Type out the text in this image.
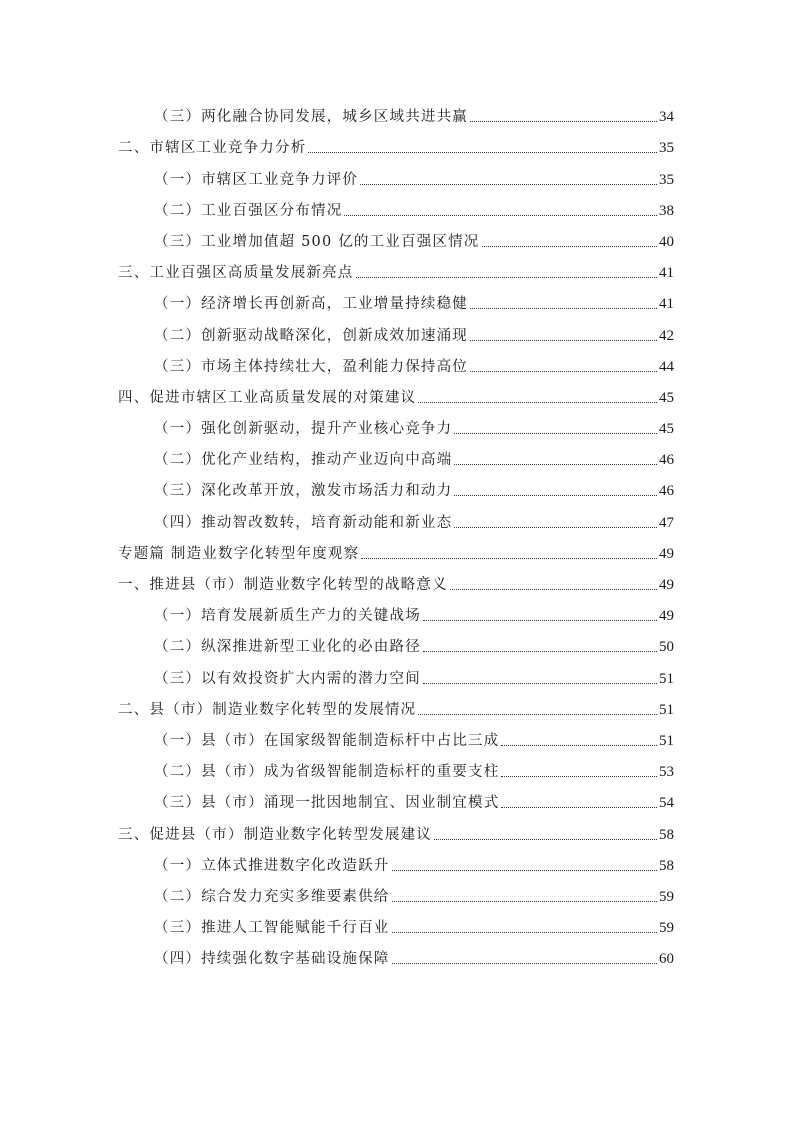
（三）两化融合协同发展，城乡区域共进共赢	34
二、市辖区工业竞争力分析	35
（一）市辖区工业竞争力评价	35
（二）工业百强区分布情况	38
（三）工业增加值超 500 亿的工业百强区情况	40
三、工业百强区高质量发展新亮点	41
（一）经济增长再创新高，工业增量持续稳健	41
（二）创新驱动战略深化，创新成效加速涌现	42
（三）市场主体持续壮大，盈利能力保持高位	44
四、促进市辖区工业高质量发展的对策建议	45
（一）强化创新驱动，提升产业核心竞争力	45
（二）优化产业结构，推动产业迈向中高端	46
（三）深化改革开放，激发市场活力和动力	46
（四）推动智改数转，培育新动能和新业态	47
专题篇 制造业数字化转型年度观察	49
一、推进县（市）制造业数字化转型的战略意义	49
（一）培育发展新质生产力的关键战场	49
（二）纵深推进新型工业化的必由路径	50
（三）以有效投资扩大内需的潜力空间	51
二、县（市）制造业数字化转型的发展情况	51
（一）县（市）在国家级智能制造标杆中占比三成	51
（二）县（市）成为省级智能制造标杆的重要支柱	53
（三）县（市）涌现一批因地制宜、因业制宜模式	54
三、促进县（市）制造业数字化转型发展建议	58
（一）立体式推进数字化改造跃升	58
（二）综合发力充实多维要素供给	59
（三）推进人工智能赋能千行百业	59
（四）持续强化数字基础设施保障	60
